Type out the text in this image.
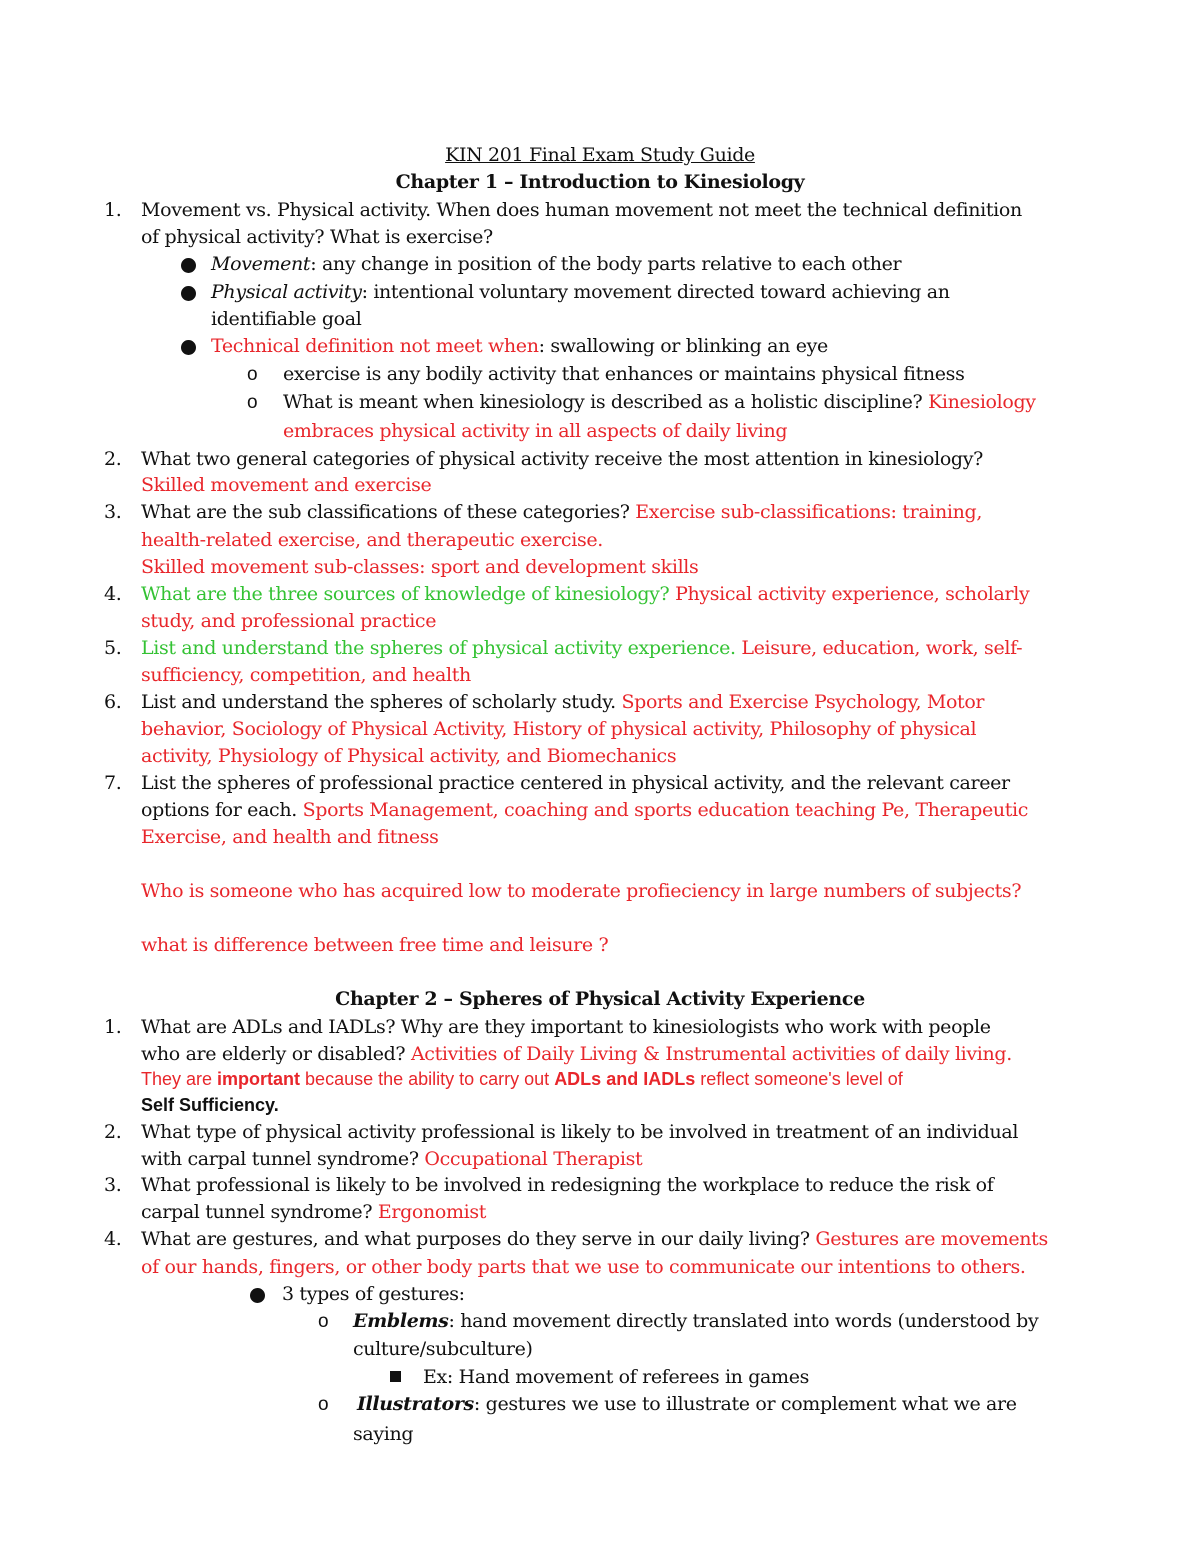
KIN 201 Final Exam Study Guide
Chapter 1 – Introduction to Kinesiology
1. Movement vs. Physical activity. When does human movement not meet the technical definition
of physical activity? What is exercise?
Movement: any change in position of the body parts relative to each other
Physical activity: intentional voluntary movement directed toward achieving an
identifiable goal
Technical definition not meet when: swallowing or blinking an eye
o exercise is any bodily activity that enhances or maintains physical fitness
o What is meant when kinesiology is described as a holistic discipline? Kinesiology
embraces physical activity in all aspects of daily living
2. What two general categories of physical activity receive the most attention in kinesiology?
Skilled movement and exercise
3. What are the sub classifications of these categories? Exercise sub-classifications: training,
health-related exercise, and therapeutic exercise.
Skilled movement sub-classes: sport and development skills
4. What are the three sources of knowledge of kinesiology? Physical activity experience, scholarly
study, and professional practice
5. List and understand the spheres of physical activity experience. Leisure, education, work, self-
sufficiency, competition, and health
6. List and understand the spheres of scholarly study. Sports and Exercise Psychology, Motor
behavior, Sociology of Physical Activity, History of physical activity, Philosophy of physical
activity, Physiology of Physical activity, and Biomechanics
7. List the spheres of professional practice centered in physical activity, and the relevant career
options for each. Sports Management, coaching and sports education teaching Pe, Therapeutic
Exercise, and health and fitness
Who is someone who has acquired low to moderate profieciency in large numbers of subjects?
what is difference between free time and leisure ?
Chapter 2 – Spheres of Physical Activity Experience
1. What are ADLs and IADLs? Why are they important to kinesiologists who work with people
who are elderly or disabled? Activities of Daily Living & Instrumental activities of daily living.
They are important because the ability to carry out ADLs and IADLs reflect someone's level of
Self Sufficiency.
2. What type of physical activity professional is likely to be involved in treatment of an individual
with carpal tunnel syndrome? Occupational Therapist
3. What professional is likely to be involved in redesigning the workplace to reduce the risk of
carpal tunnel syndrome? Ergonomist
4. What are gestures, and what purposes do they serve in our daily living? Gestures are movements
of our hands, fingers, or other body parts that we use to communicate our intentions to others.
3 types of gestures:
o Emblems: hand movement directly translated into words (understood by
culture/subculture)
Ex: Hand movement of referees in games
o Illustrators: gestures we use to illustrate or complement what we are
saying
